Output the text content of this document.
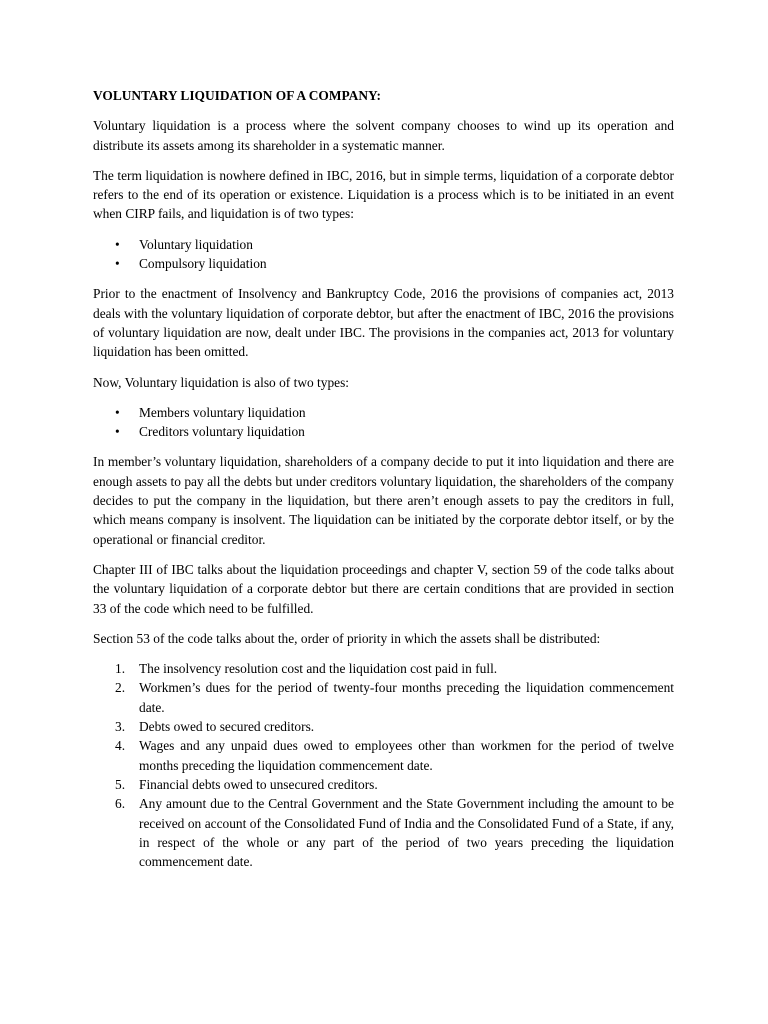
VOLUNTARY LIQUIDATION OF A COMPANY:

Voluntary liquidation is a process where the solvent company chooses to wind up its operation and distribute its assets among its shareholder in a systematic manner.

The term liquidation is nowhere defined in IBC, 2016, but in simple terms, liquidation of a corporate debtor refers to the end of its operation or existence. Liquidation is a process which is to be initiated in an event when CIRP fails, and liquidation is of two types:

• Voluntary liquidation
• Compulsory liquidation

Prior to the enactment of Insolvency and Bankruptcy Code, 2016 the provisions of companies act, 2013 deals with the voluntary liquidation of corporate debtor, but after the enactment of IBC, 2016 the provisions of voluntary liquidation are now, dealt under IBC. The provisions in the companies act, 2013 for voluntary liquidation has been omitted.

Now, Voluntary liquidation is also of two types:

• Members voluntary liquidation
• Creditors voluntary liquidation

In member’s voluntary liquidation, shareholders of a company decide to put it into liquidation and there are enough assets to pay all the debts but under creditors voluntary liquidation, the shareholders of the company decides to put the company in the liquidation, but there aren’t enough assets to pay the creditors in full, which means company is insolvent. The liquidation can be initiated by the corporate debtor itself, or by the operational or financial creditor.

Chapter III of IBC talks about the liquidation proceedings and chapter V, section 59 of the code talks about the voluntary liquidation of a corporate debtor but there are certain conditions that are provided in section 33 of the code which need to be fulfilled.

Section 53 of the code talks about the, order of priority in which the assets shall be distributed:

1. The insolvency resolution cost and the liquidation cost paid in full.
2. Workmen’s dues for the period of twenty-four months preceding the liquidation commencement date.
3. Debts owed to secured creditors.
4. Wages and any unpaid dues owed to employees other than workmen for the period of twelve months preceding the liquidation commencement date.
5. Financial debts owed to unsecured creditors.
6. Any amount due to the Central Government and the State Government including the amount to be received on account of the Consolidated Fund of India and the Consolidated Fund of a State, if any, in respect of the whole or any part of the period of two years preceding the liquidation commencement date.
